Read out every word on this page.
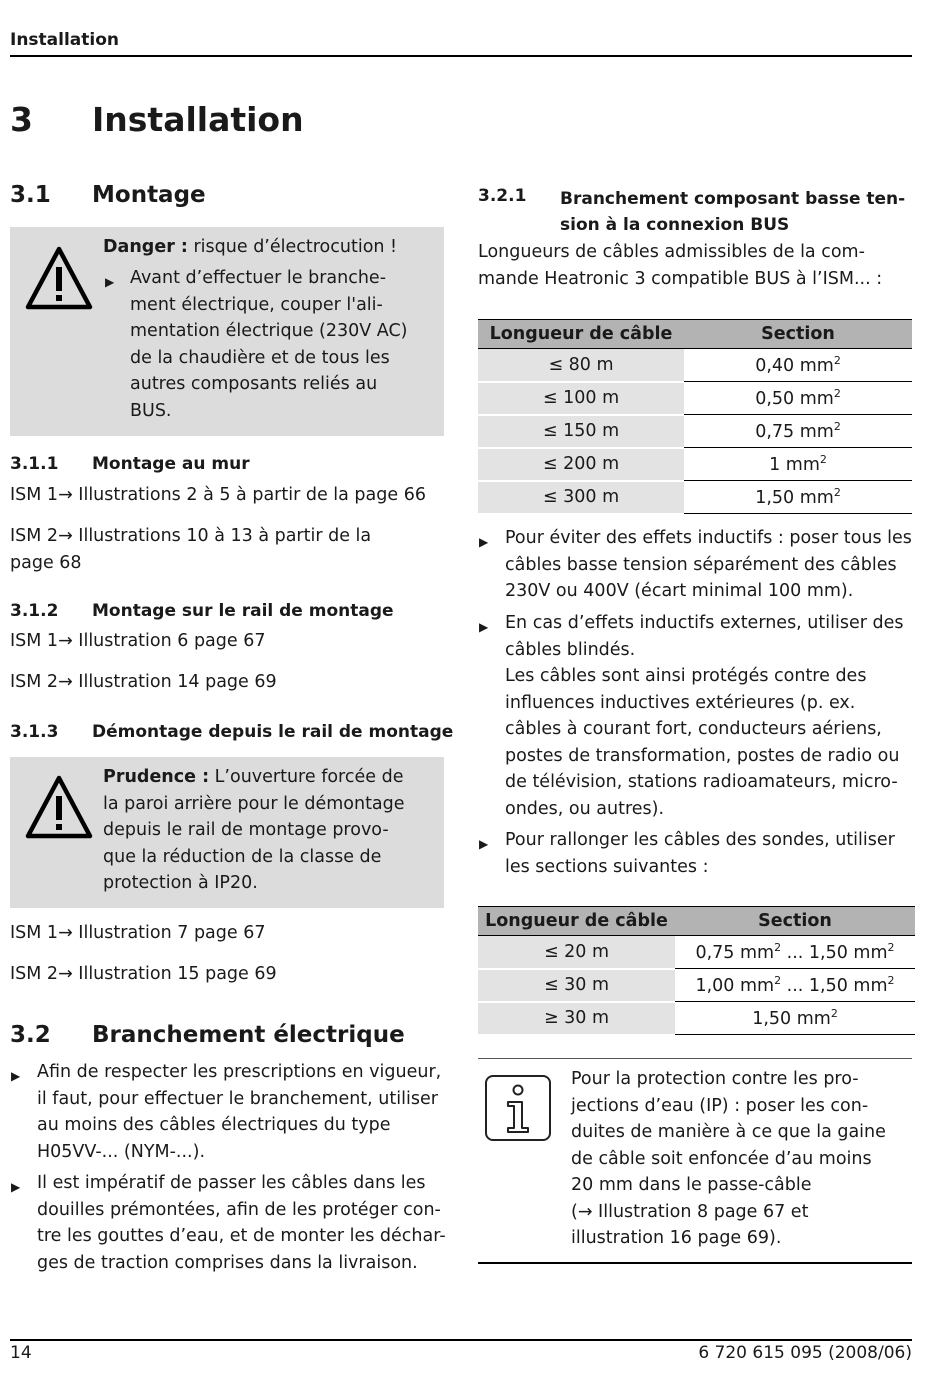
Installation
3 Installation
3.1 Montage
Danger : risque d’électrocution !
▶ Avant d’effectuer le branche-
ment électrique, couper l'ali-
mentation électrique (230V AC)
de la chaudière et de tous les
autres composants reliés au
BUS.
3.1.1 Montage au mur
ISM 1→ Illustrations 2 à 5 à partir de la page 66
ISM 2→ Illustrations 10 à 13 à partir de la
page 68
3.1.2 Montage sur le rail de montage
ISM 1→ Illustration 6 page 67
ISM 2→ Illustration 14 page 69
3.1.3 Démontage depuis le rail de montage
Prudence : L’ouverture forcée de
la paroi arrière pour le démontage
depuis le rail de montage provo-
que la réduction de la classe de
protection à IP20.
ISM 1→ Illustration 7 page 67
ISM 2→ Illustration 15 page 69
3.2 Branchement électrique
▶ Afin de respecter les prescriptions en vigueur,
il faut, pour effectuer le branchement, utiliser
au moins des câbles électriques du type
H05VV-... (NYM-...).
▶ Il est impératif de passer les câbles dans les
douilles prémontées, afin de les protéger con-
tre les gouttes d’eau, et de monter les déchar-
ges de traction comprises dans la livraison.
3.2.1 Branchement composant basse ten-
sion à la connexion BUS
Longueurs de câbles admissibles de la com-
mande Heatronic 3 compatible BUS à l’ISM... :
Longueur de câble	Section
≤ 80 m	0,40 $mm^2$
≤ 100 m	0,50 $mm^2$
≤ 150 m	0,75 $mm^2$
≤ 200 m	1 $mm^2$
≤ 300 m	1,50 $mm^2$
▶ Pour éviter des effets inductifs : poser tous les
câbles basse tension séparément des câbles
230V ou 400V (écart minimal 100 mm).
▶ En cas d’effets inductifs externes, utiliser des
câbles blindés.
Les câbles sont ainsi protégés contre des
influences inductives extérieures (p. ex.
câbles à courant fort, conducteurs aériens,
postes de transformation, postes de radio ou
de télévision, stations radioamateurs, micro-
ondes, ou autres).
▶ Pour rallonger les câbles des sondes, utiliser
les sections suivantes :
Longueur de câble	Section
≤ 20 m	0,75 $mm^2$ ... 1,50 $mm^2$
≤ 30 m	1,00 $mm^2$ ... 1,50 $mm^2$
≥ 30 m	1,50 $mm^2$
Pour la protection contre les pro-
jections d’eau (IP) : poser les con-
duites de manière à ce que la gaine
de câble soit enfoncée d’au moins
20 mm dans le passe-câble
(→ Illustration 8 page 67 et
illustration 16 page 69).
14	6 720 615 095 (2008/06)
